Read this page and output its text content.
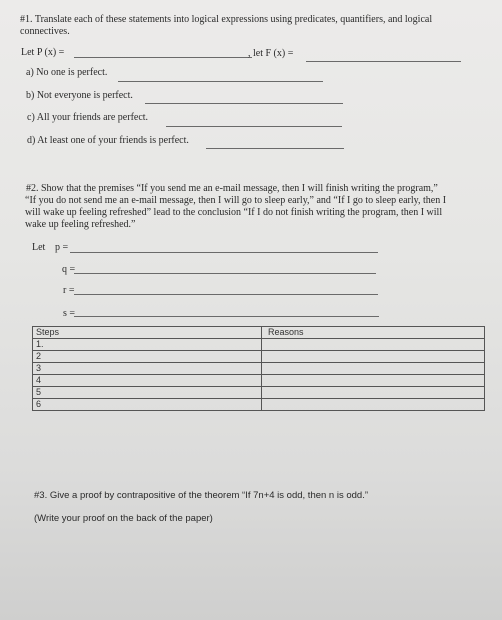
#1. Translate each of these statements into logical expressions using predicates, quantifiers, and logical
connectives.
Let P (x) =	, let F (x) =
a) No one is perfect.
b) Not everyone is perfect.
c) All your friends are perfect.
d) At least one of your friends is perfect.
#2. Show that the premises “If you send me an e-mail message, then I will finish writing the program,”
“If you do not send me an e-mail message, then I will go to sleep early,” and “If I go to sleep early, then I
will wake up feeling refreshed” lead to the conclusion “If I do not finish writing the program, then I will
wake up feeling refreshed.”
Let p =
q =
r =
s =
Steps	Reasons
1.	
2	
3	
4	
5	
6	
#3. Give a proof by contrapositive of the theorem “If 7n+4 is odd, then n is odd.”
(Write your proof on the back of the paper)
